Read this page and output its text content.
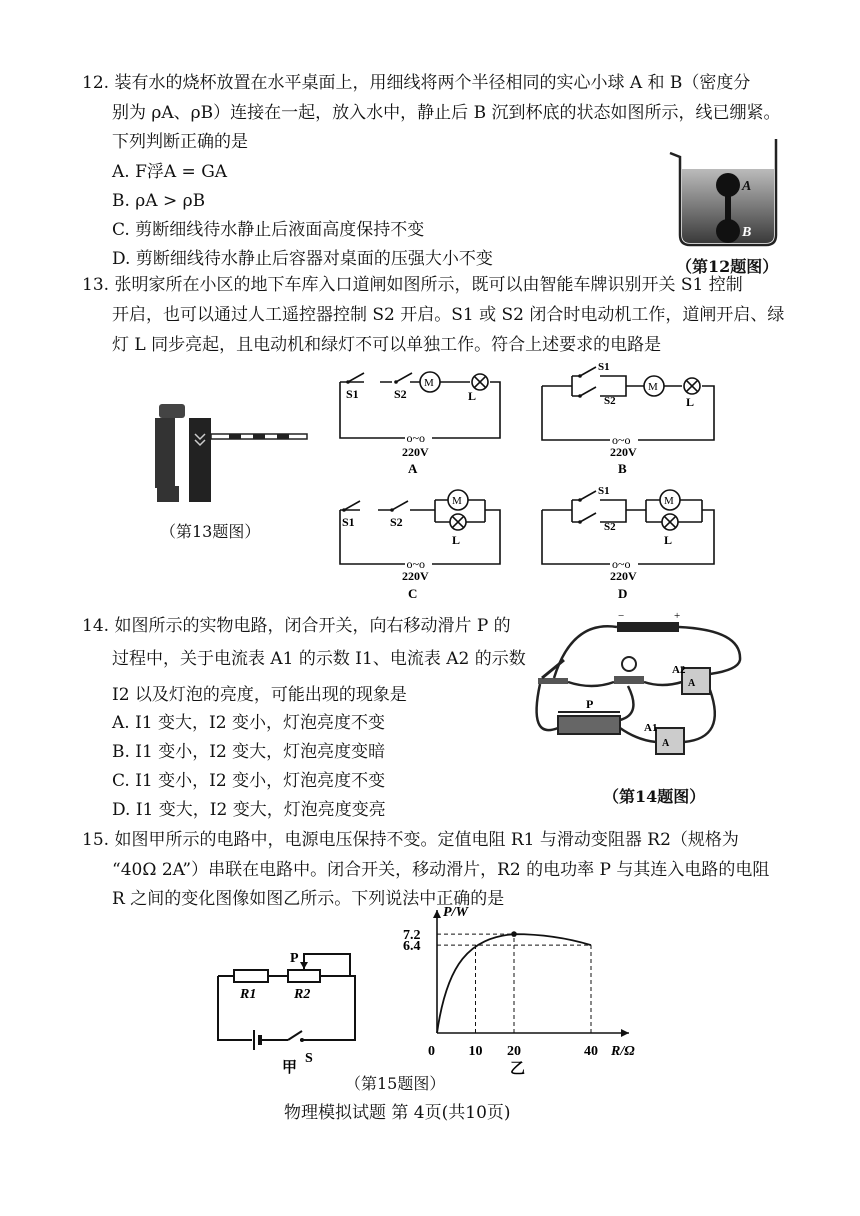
12. 装有水的烧杯放置在水平桌面上，用细线将两个半径相同的实心小球 A 和 B（密度分
别为 ρA、ρB）连接在一起，放入水中，静止后 B 沉到杯底的状态如图所示，线已绷紧。
下列判断正确的是
A. F浮A = GA
B. ρA > ρB
C. 剪断细线待水静止后液面高度保持不变
D. 剪断细线待水静止后容器对桌面的压强大小不变
A
B
（第12题图）
13. 张明家所在小区的地下车库入口道闸如图所示，既可以由智能车牌识别开关 S1 控制
开启，也可以通过人工遥控器控制 S2 开启。S1 或 S2 闭合时电动机工作，道闸开启、绿
灯 L 同步亮起，且电动机和绿灯不可以单独工作。符合上述要求的电路是
（第13题图）
S1	S2
M
L
o~o
220V
A
S1
S2
M
L
o~o
220V
B
S1	S2
M
L
o~o
220V
C
S1
S2
M
L
o~o
220V
D
14. 如图所示的实物电路，闭合开关，向右移动滑片 P 的
过程中，关于电流表 A1 的示数 I1、电流表 A2 的示数
I2 以及灯泡的亮度，可能出现的现象是
A. I1 变大，I2 变小，灯泡亮度不变
B. I1 变小，I2 变大，灯泡亮度变暗
C. I1 变小，I2 变小，灯泡亮度不变
D. I1 变大，I2 变大，灯泡亮度变亮
−	+
A
A2
A
A1
P
（第14题图）
15. 如图甲所示的电路中，电源电压保持不变。定值电阻 R1 与滑动变阻器 R2（规格为
“40Ω 2A”）串联在电路中。闭合开关，移动滑片，R2 的电功率 P 与其连入电路的电阻
R 之间的变化图像如图乙所示。下列说法中正确的是
P
R1	R2
S
甲
P/W
R/Ω
0 10 20	40
6.4
7.2
乙
（第15题图）
物理模拟试题 第 4页(共10页)
